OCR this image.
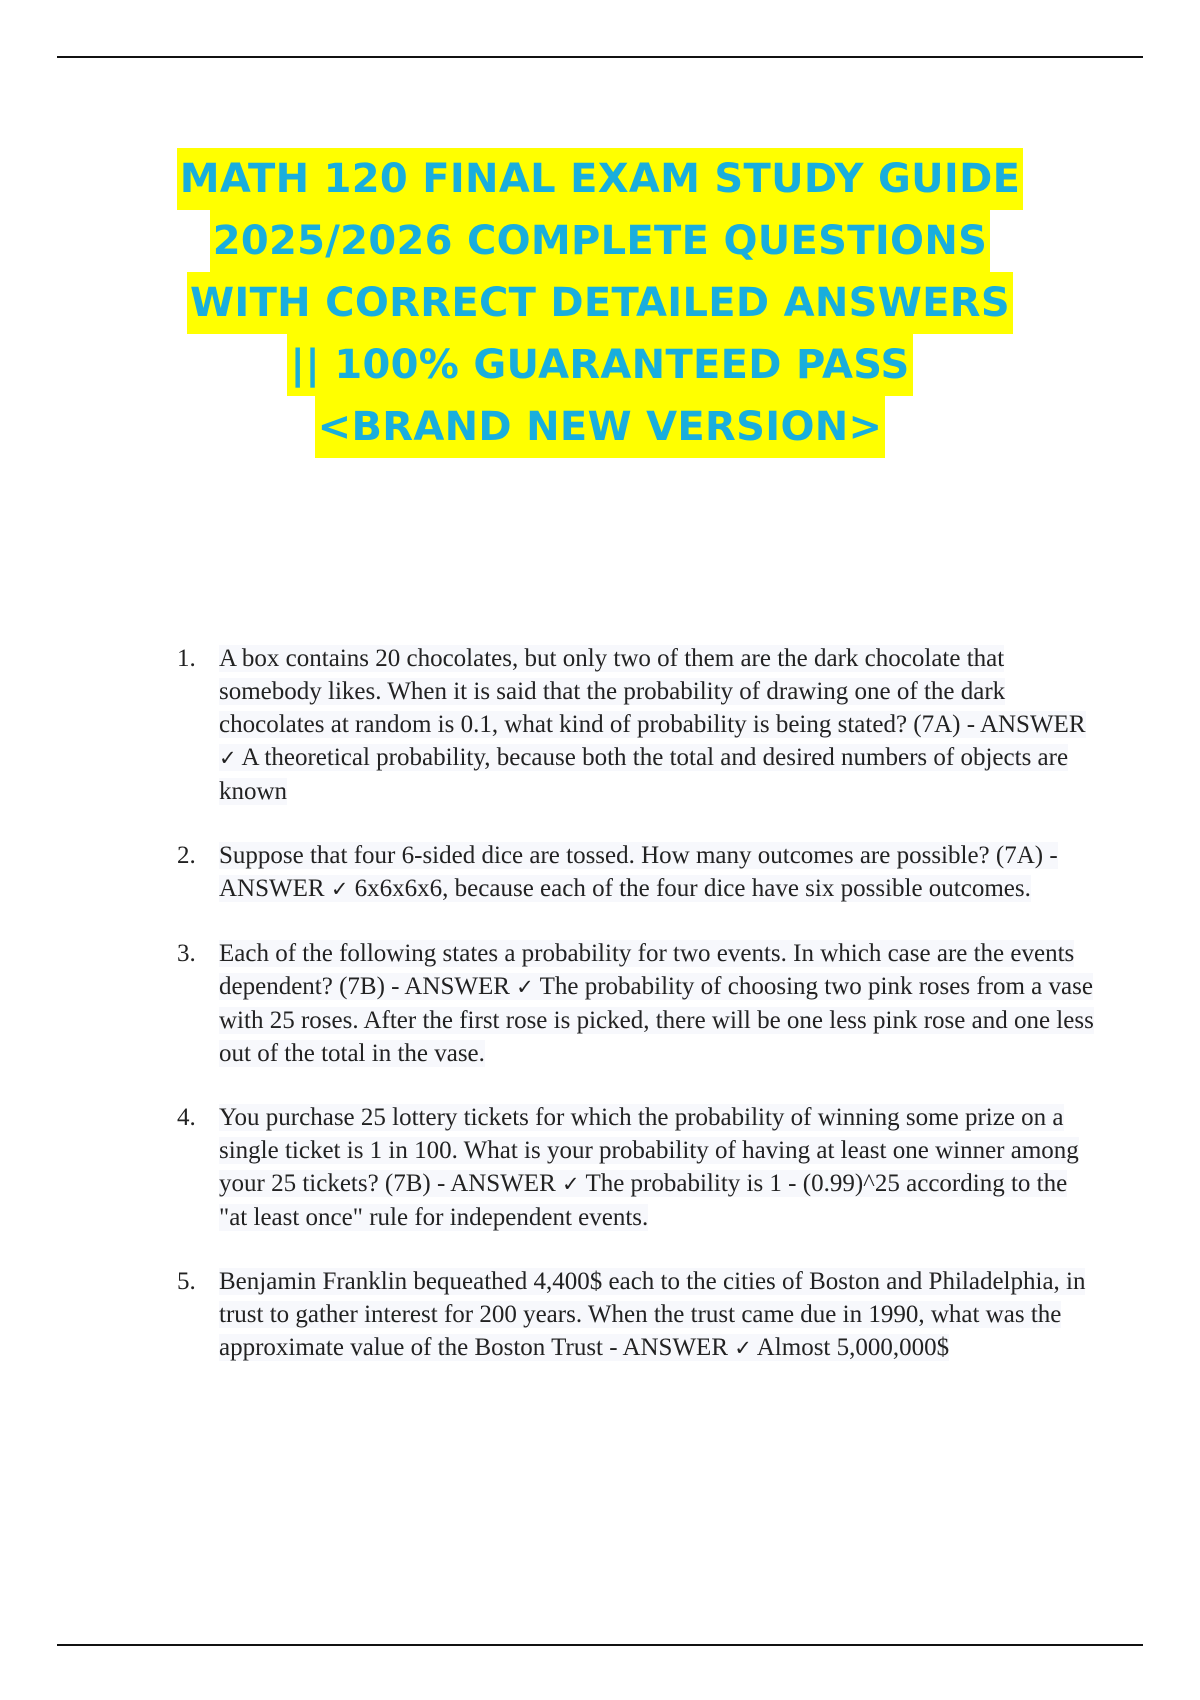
MATH 120 FINAL EXAM STUDY GUIDE
2025/2026 COMPLETE QUESTIONS
WITH CORRECT DETAILED ANSWERS
|| 100% GUARANTEED PASS
<BRAND NEW VERSION>
1. A box contains 20 chocolates, but only two of them are the dark chocolate that somebody likes. When it is said that the probability of drawing one of the dark chocolates at random is 0.1, what kind of probability is being stated? (7A) - ANSWER ✓ A theoretical probability, because both the total and desired numbers of objects are known
2. Suppose that four 6-sided dice are tossed. How many outcomes are possible? (7A) - ANSWER ✓ 6x6x6x6, because each of the four dice have six possible outcomes.
3. Each of the following states a probability for two events. In which case are the events dependent? (7B) - ANSWER ✓ The probability of choosing two pink roses from a vase with 25 roses. After the first rose is picked, there will be one less pink rose and one less out of the total in the vase.
4. You purchase 25 lottery tickets for which the probability of winning some prize on a single ticket is 1 in 100. What is your probability of having at least one winner among your 25 tickets? (7B) - ANSWER ✓ The probability is 1 - (0.99)^25 according to the "at least once" rule for independent events.
5. Benjamin Franklin bequeathed 4,400$ each to the cities of Boston and Philadelphia, in trust to gather interest for 200 years. When the trust came due in 1990, what was the approximate value of the Boston Trust - ANSWER ✓ Almost 5,000,000$
